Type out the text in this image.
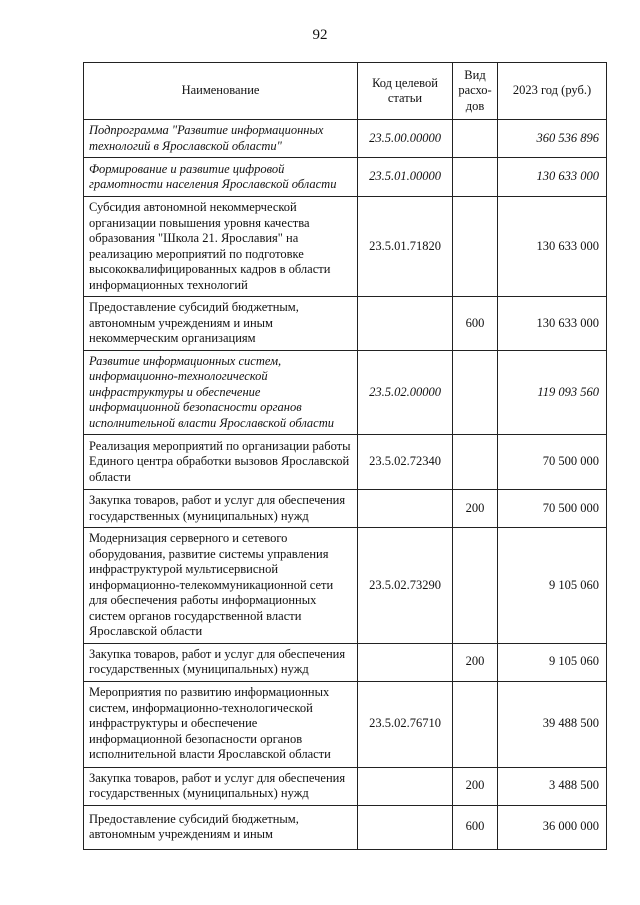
92
Наименование	Код целевой статьи	Вид расхо-дов	2023 год (руб.)
Подпрограмма "Развитие информационных технологий в Ярославской области"	23.5.00.00000		360 536 896
Формирование и развитие цифровой грамотности населения Ярославской области	23.5.01.00000		130 633 000
Субсидия автономной некоммерческой организации повышения уровня качества образования "Школа 21. Ярославия" на реализацию мероприятий по подготовке высококвалифицированных кадров в области информационных технологий	23.5.01.71820		130 633 000
Предоставление субсидий бюджетным, автономным учреждениям и иным некоммерческим организациям		600	130 633 000
Развитие информационных систем, информационно-технологической инфраструктуры и обеспечение информационной безопасности органов исполнительной власти Ярославской области	23.5.02.00000		119 093 560
Реализация мероприятий по организации работы Единого центра обработки вызовов Ярославской области	23.5.02.72340		70 500 000
Закупка товаров, работ и услуг для обеспечения государственных (муниципальных) нужд		200	70 500 000
Модернизация серверного и сетевого оборудования, развитие системы управления инфраструктурой мультисервисной информационно-телекоммуникационной сети для обеспечения работы информационных систем органов государственной власти Ярославской области	23.5.02.73290		9 105 060
Закупка товаров, работ и услуг для обеспечения государственных (муниципальных) нужд		200	9 105 060
Мероприятия по развитию информационных систем, информационно-технологической инфраструктуры и обеспечение информационной безопасности органов исполнительной власти Ярославской области	23.5.02.76710		39 488 500
Закупка товаров, работ и услуг для обеспечения государственных (муниципальных) нужд		200	3 488 500
Предоставление субсидий бюджетным, автономным учреждениям и иным		600	36 000 000
